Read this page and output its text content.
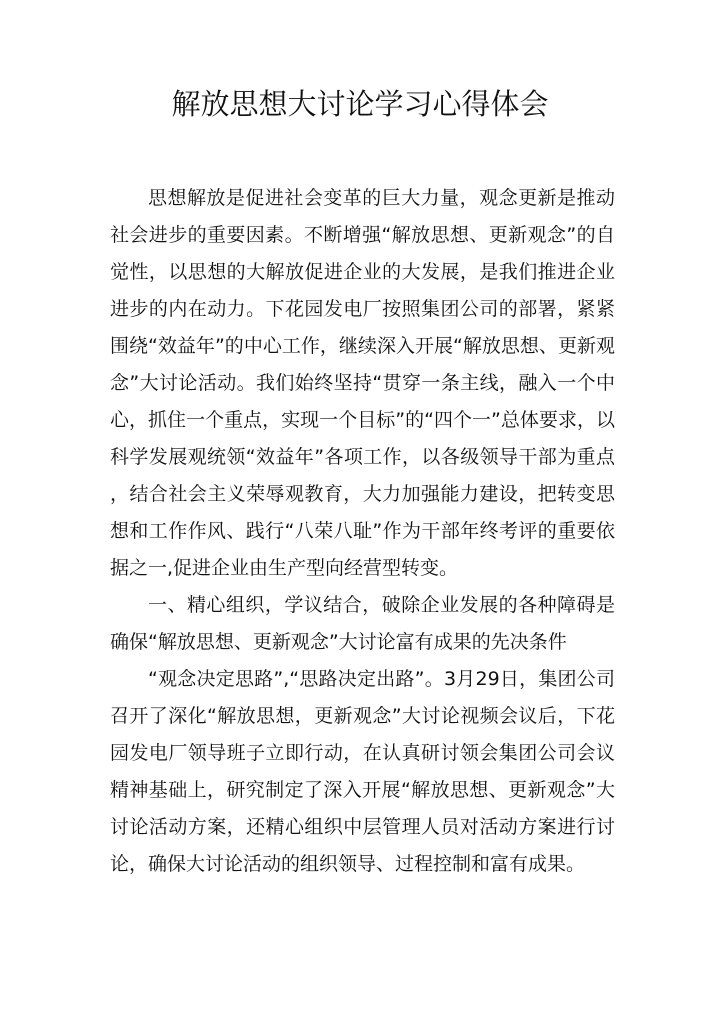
解放思想大讨论学习心得体会

思想解放是促进社会变革的巨大力量，观念更新是推动社会进步的重要因素。不断增强“解放思想、更新观念”的自觉性，以思想的大解放促进企业的大发展，是我们推进企业进步的内在动力。下花园发电厂按照集团公司的部署，紧紧围绕“效益年”的中心工作，继续深入开展“解放思想、更新观念”大讨论活动。我们始终坚持“贯穿一条主线，融入一个中心，抓住一个重点，实现一个目标”的“四个一”总体要求，以科学发展观统领“效益年”各项工作，以各级领导干部为重点，结合社会主义荣辱观教育，大力加强能力建设，把转变思想和工作作风、践行“八荣八耻”作为干部年终考评的重要依据之一,促进企业由生产型向经营型转变。

一、精心组织，学议结合，破除企业发展的各种障碍是确保“解放思想、更新观念”大讨论富有成果的先决条件

“观念决定思路”,“思路决定出路”。3月29日，集团公司召开了深化“解放思想，更新观念”大讨论视频会议后，下花园发电厂领导班子立即行动，在认真研讨领会集团公司会议精神基础上，研究制定了深入开展“解放思想、更新观念”大讨论活动方案，还精心组织中层管理人员对活动方案进行讨论，确保大讨论活动的组织领导、过程控制和富有成果。
